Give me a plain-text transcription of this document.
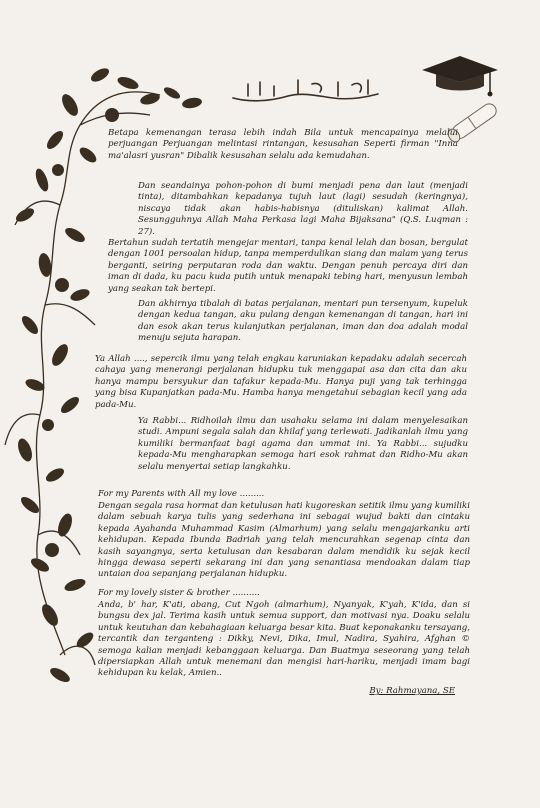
Betapa kemenangan terasa lebih indah Bila untuk mencapainya melalui perjuangan Perjuangan melintasi rintangan, kesusahan Seperti firman "Inna ma'alasri yusran" Dibalik kesusahan selalu ada kemudahan.

Dan seandainya pohon-pohon di bumi menjadi pena dan laut (menjadi tinta), ditambahkan kepadanya tujuh laut (lagi) sesudah (keringnya), niscaya tidak akan habis-habisnya (dituliskan) kalimat Allah. Sesungguhnya Allah Maha Perkasa lagi Maha Bijaksana" (Q.S. Luqman : 27).

Bertahun sudah tertatih mengejar mentari, tanpa kenal lelah dan bosan, bergulat dengan 1001 persoalan hidup, tanpa memperdulikan siang dan malam yang terus berganti, seiring perputaran roda dan waktu. Dengan penuh percaya diri dan iman di dada, ku pacu kuda putih untuk menapaki tebing hari, menyusun lembah yang seakan tak bertepi.

Dan akhirnya tibalah di batas perjalanan, mentari pun tersenyum, kupeluk dengan kedua tangan, aku pulang dengan kemenangan di tangan, hari ini dan esok akan terus kulanjutkan perjalanan, iman dan doa adalah modal menuju sejuta harapan.

Ya Allah ...., sepercik ilmu yang telah engkau karuniakan kepadaku adalah secercah cahaya yang menerangi perjalanan hidupku tuk menggapai asa dan cita dan aku hanya mampu bersyukur dan tafakur kepada-Mu. Hanya puji yang tak terhingga yang bisa Kupanjatkan pada-Mu. Hamba hanya mengetahui sebagian kecil yang ada pada-Mu.

Ya Rabbi... Ridhoilah ilmu dan usahaku selama ini dalam menyelesaikan studi. Ampuni segala salah dan khilaf yang terlewati. Jadikanlah ilmu yang kumiliki bermanfaat bagi agama dan ummat ini. Ya Rabbi... sujudku kepada-Mu mengharapkan semoga hari esok rahmat dan Ridho-Mu akan selalu menyertai setiap langkahku.

For my Parents with All my love .........

Dengan segala rasa hormat dan ketulusan hati kugoreskan setitik ilmu yang kumiliki dalam sebuah karya tulis yang sederhana ini sebagai wujud bakti dan cintaku kepada Ayahanda Muhammad Kasim (Almarhum) yang selalu mengajarkanku arti kehidupan. Kepada Ibunda Badriah yang telah mencurahkan segenap cinta dan kasih sayangnya, serta ketulusan dan kesabaran dalam mendidik ku sejak kecil hingga dewasa seperti sekarang ini dan yang senantiasa mendoakan dalam tiap untaian doa sepanjang perjalanan hidupku.

For my lovely sister & brother ..........

Anda, b' har, K'ati, abang, Cut Ngoh (almarhum), Nyanyak, K'yah, K'ida, dan si bungsu dex jal. Terima kasih untuk semua support, dan motivasi nya. Doaku selalu untuk keutuhan dan kebahagiaan keluarga besar kita. Buat keponakanku tersayang, tercantik dan terganteng : Dikky, Nevi, Dika, Imul, Nadira, Syahira, Afghan © semoga kalian menjadi kebanggaan keluarga. Dan Buatmya seseorang yang telah dipersiapkan Allah untuk menemani dan mengisi hari-hariku, menjadi imam bagi kehidupan ku kelak, Amien..

By: Rahmayana, SE
